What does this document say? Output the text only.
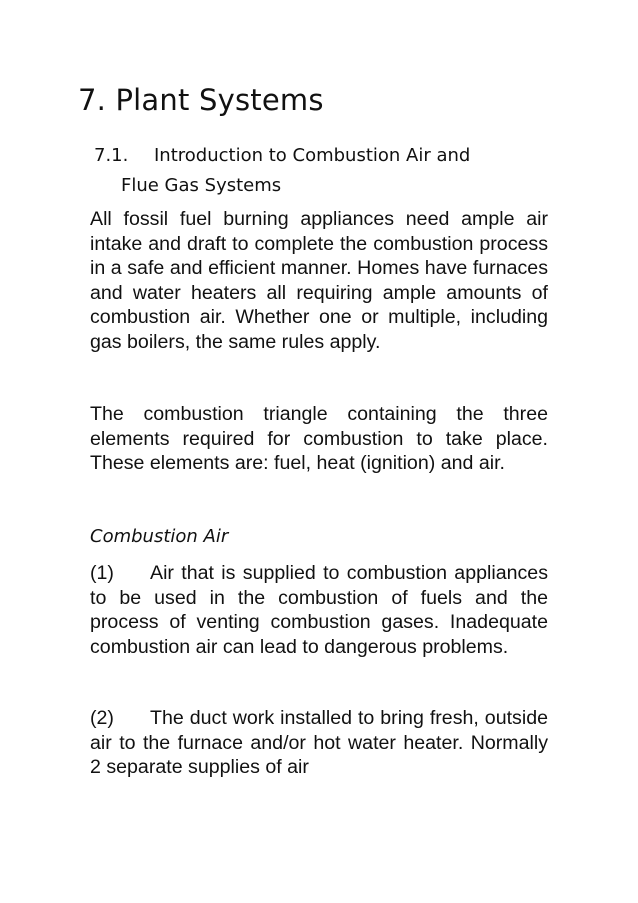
7. Plant Systems
7.1. Introduction to Combustion Air and
Flue Gas Systems

All fossil fuel burning appliances need ample air intake and draft to complete the combustion process in a safe and efficient manner. Homes have furnaces and water heaters all requiring ample amounts of combustion air. Whether one or multiple, including gas boilers, the same rules apply.

The combustion triangle containing the three elements required for combustion to take place. These elements are: fuel, heat (ignition) and air.

Combustion Air

(1) Air that is supplied to combustion appliances to be used in the combustion of fuels and the process of venting combustion gases. Inadequate combustion air can lead to dangerous problems.

(2) The duct work installed to bring fresh, outside air to the furnace and/or hot water heater. Normally 2 separate supplies of air
